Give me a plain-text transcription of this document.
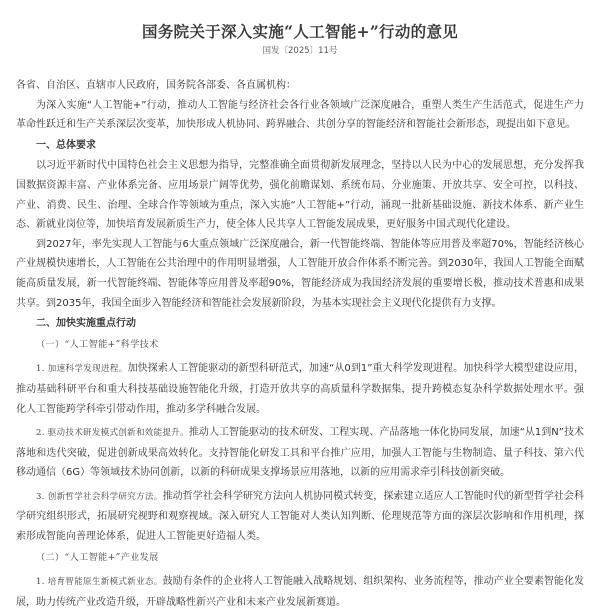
国务院关于深入实施“人工智能+”行动的意见
国发〔2025〕11号

各省、自治区、直辖市人民政府，国务院各部委、各直属机构：

为深入实施“人工智能+”行动，推动人工智能与经济社会各行业各领域广泛深度融合，重塑人类生产生活范式，促进生产力革命性跃迁和生产关系深层次变革，加快形成人机协同、跨界融合、共创分享的智能经济和智能社会新形态，现提出如下意见。

一、总体要求

以习近平新时代中国特色社会主义思想为指导，完整准确全面贯彻新发展理念，坚持以人民为中心的发展思想，充分发挥我国数据资源丰富、产业体系完备、应用场景广阔等优势，强化前瞻谋划、系统布局、分业施策、开放共享、安全可控，以科技、产业、消费、民生、治理、全球合作等领域为重点，深入实施“人工智能+”行动，涌现一批新基础设施、新技术体系、新产业生态、新就业岗位等，加快培育发展新质生产力，使全体人民共享人工智能发展成果，更好服务中国式现代化建设。

到2027年，率先实现人工智能与6大重点领域广泛深度融合，新一代智能终端、智能体等应用普及率超70%，智能经济核心产业规模快速增长，人工智能在公共治理中的作用明显增强，人工智能开放合作体系不断完善。到2030年，我国人工智能全面赋能高质量发展，新一代智能终端、智能体等应用普及率超90%，智能经济成为我国经济发展的重要增长极，推动技术普惠和成果共享。到2035年，我国全面步入智能经济和智能社会发展新阶段，为基本实现社会主义现代化提供有力支撑。

二、加快实施重点行动

（一）“人工智能+”科学技术

1. 加速科学发现进程。加快探索人工智能驱动的新型科研范式，加速“从0到1”重大科学发现进程。加快科学大模型建设应用，推动基础科研平台和重大科技基础设施智能化升级，打造开放共享的高质量科学数据集，提升跨模态复杂科学数据处理水平。强化人工智能跨学科牵引带动作用，推动多学科融合发展。

2. 驱动技术研发模式创新和效能提升。推动人工智能驱动的技术研发、工程实现、产品落地一体化协同发展，加速“从1到N”技术落地和迭代突破，促进创新成果高效转化。支持智能化研发工具和平台推广应用，加强人工智能与生物制造、量子科技、第六代移动通信（6G）等领域技术协同创新，以新的科研成果支撑场景应用落地，以新的应用需求牵引科技创新突破。

3. 创新哲学社会科学研究方法。推动哲学社会科学研究方法向人机协同模式转变，探索建立适应人工智能时代的新型哲学社会科学研究组织形式，拓展研究视野和观察视域。深入研究人工智能对人类认知判断、伦理规范等方面的深层次影响和作用机理，探索形成智能向善理论体系，促进人工智能更好造福人类。

（二）“人工智能+”产业发展

1. 培育智能原生新模式新业态。鼓励有条件的企业将人工智能融入战略规划、组织架构、业务流程等，推动产业全要素智能化发展，助力传统产业改造升级，开辟战略性新兴产业和未来产业发展新赛道。
